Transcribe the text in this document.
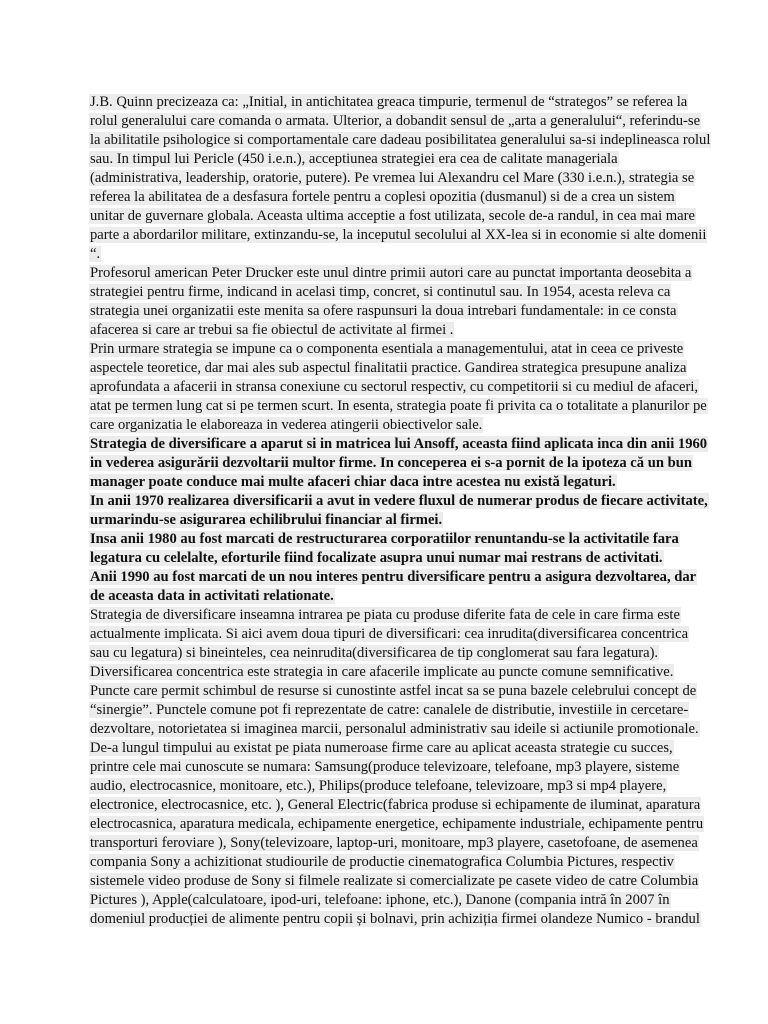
J.B. Quinn precizeaza ca: „Initial, in antichitatea greaca timpurie, termenul de “strategos” se referea la
rolul generalului care comanda o armata. Ulterior, a dobandit sensul de „arta a generalului“, referindu-se
la abilitatile psihologice si comportamentale care dadeau posibilitatea generalului sa-si indeplineasca rolul
sau. In timpul lui Pericle (450 i.e.n.), acceptiunea strategiei era cea de calitate manageriala
(administrativa, leadership, oratorie, putere). Pe vremea lui Alexandru cel Mare (330 i.e.n.), strategia se
referea la abilitatea de a desfasura fortele pentru a coplesi opozitia (dusmanul) si de a crea un sistem
unitar de guvernare globala. Aceasta ultima acceptie a fost utilizata, secole de-a randul, in cea mai mare
parte a abordarilor militare, extinzandu-se, la inceputul secolului al XX-lea si in economie si alte domenii
“.
Profesorul american Peter Drucker este unul dintre primii autori care au punctat importanta deosebita a
strategiei pentru firme, indicand in acelasi timp, concret, si continutul sau. In 1954, acesta releva ca
strategia unei organizatii este menita sa ofere raspunsuri la doua intrebari fundamentale: in ce consta
afacerea si care ar trebui sa fie obiectul de activitate al firmei .
Prin urmare strategia se impune ca o componenta esentiala a managementului, atat in ceea ce priveste
aspectele teoretice, dar mai ales sub aspectul finalitatii practice. Gandirea strategica presupune analiza
aprofundata a afacerii in stransa conexiune cu sectorul respectiv, cu competitorii si cu mediul de afaceri,
atat pe termen lung cat si pe termen scurt. In esenta, strategia poate fi privita ca o totalitate a planurilor pe
care organizatia le elaboreaza in vederea atingerii obiectivelor sale.
Strategia de diversificare a aparut si in matricea lui Ansoff, aceasta fiind aplicata inca din anii 1960
in vederea asigurării dezvoltarii multor firme. In conceperea ei s-a pornit de la ipoteza că un bun
manager poate conduce mai multe afaceri chiar daca intre acestea nu există legaturi.
In anii 1970 realizarea diversificarii a avut in vedere fluxul de numerar produs de fiecare activitate,
urmarindu-se asigurarea echilibrului financiar al firmei.
Insa anii 1980 au fost marcati de restructurarea corporatiilor renuntandu-se la activitatile fara
legatura cu celelalte, eforturile fiind focalizate asupra unui numar mai restrans de activitati.
Anii 1990 au fost marcati de un nou interes pentru diversificare pentru a asigura dezvoltarea, dar
de aceasta data in activitati relationate.
Strategia de diversificare inseamna intrarea pe piata cu produse diferite fata de cele in care firma este
actualmente implicata. Si aici avem doua tipuri de diversificari: cea inrudita(diversificarea concentrica
sau cu legatura) si bineinteles, cea neinrudita(diversificarea de tip conglomerat sau fara legatura).
Diversificarea concentrica este strategia in care afacerile implicate au puncte comune semnificative.
Puncte care permit schimbul de resurse si cunostinte astfel incat sa se puna bazele celebrului concept de
“sinergie”. Punctele comune pot fi reprezentate de catre: canalele de distributie, investiile in cercetare-
dezvoltare, notorietatea si imaginea marcii, personalul administrativ sau ideile si actiunile promotionale.
De-a lungul timpului au existat pe piata numeroase firme care au aplicat aceasta strategie cu succes,
printre cele mai cunoscute se numara: Samsung(produce televizoare, telefoane, mp3 playere, sisteme
audio, electrocasnice, monitoare, etc.), Philips(produce telefoane, televizoare, mp3 si mp4 playere,
electronice, electrocasnice, etc. ), General Electric(fabrica produse si echipamente de iluminat, aparatura
electrocasnica, aparatura medicala, echipamente energetice, echipamente industriale, echipamente pentru
transporturi feroviare ), Sony(televizoare, laptop-uri, monitoare, mp3 playere, casetofoane, de asemenea
compania Sony a achizitionat studiourile de productie cinematografica Columbia Pictures, respectiv
sistemele video produse de Sony si filmele realizate si comercializate pe casete video de catre Columbia
Pictures ), Apple(calculatoare, ipod-uri, telefoane: iphone, etc.), Danone (compania intră în 2007 în
domeniul producției de alimente pentru copii și bolnavi, prin achiziția firmei olandeze Numico - brandul
